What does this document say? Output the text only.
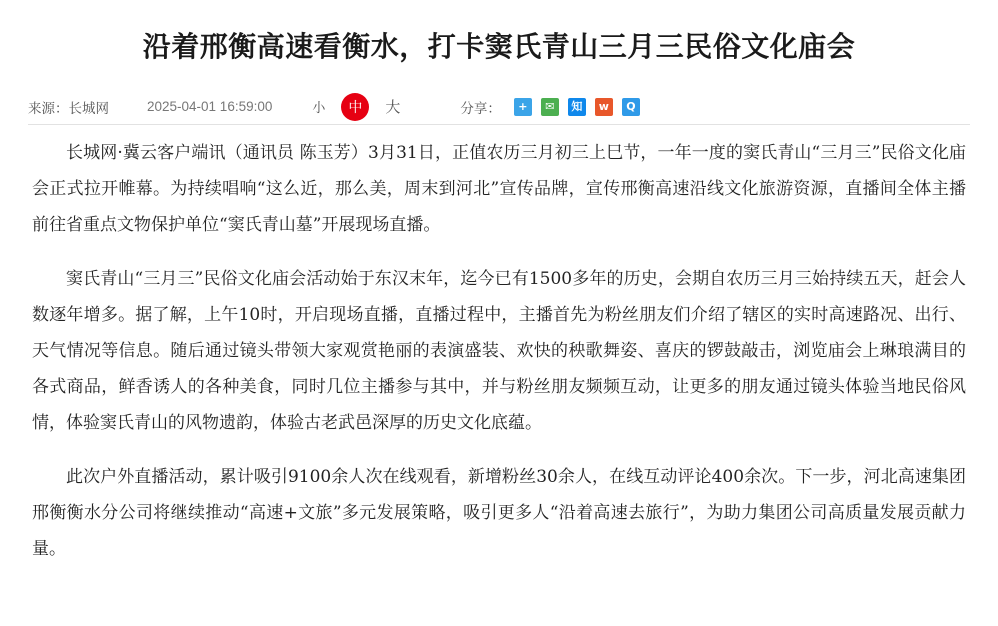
沿着邢衡高速看衡水，打卡窦氏青山三月三民俗文化庙会
来源：长城网	2025-04-01 16:59:00	小	中	大	分享：	+	✉	知	w	Q

长城网·冀云客户端讯（通讯员 陈玉芳）3月31日，正值农历三月初三上巳节，一年一度的窦氏青山“三月三”民俗文化庙会正式拉开帷幕。为持续唱响“这么近，那么美，周末到河北”宣传品牌，宣传邢衡高速沿线文化旅游资源，直播间全体主播前往省重点文物保护单位“窦氏青山墓”开展现场直播。

窦氏青山“三月三”民俗文化庙会活动始于东汉末年，迄今已有1500多年的历史，会期自农历三月三始持续五天，赶会人数逐年增多。据了解，上午10时，开启现场直播，直播过程中，主播首先为粉丝朋友们介绍了辖区的实时高速路况、出行、天气情况等信息。随后通过镜头带领大家观赏艳丽的表演盛装、欢快的秧歌舞姿、喜庆的锣鼓敲击，浏览庙会上琳琅满目的各式商品，鲜香诱人的各种美食，同时几位主播参与其中，并与粉丝朋友频频互动，让更多的朋友通过镜头体验当地民俗风情，体验窦氏青山的风物遗韵，体验古老武邑深厚的历史文化底蕴。

此次户外直播活动，累计吸引9100余人次在线观看，新增粉丝30余人，在线互动评论400余次。下一步，河北高速集团邢衡衡水分公司将继续推动“高速+文旅”多元发展策略，吸引更多人“沿着高速去旅行”，为助力集团公司高质量发展贡献力量。
